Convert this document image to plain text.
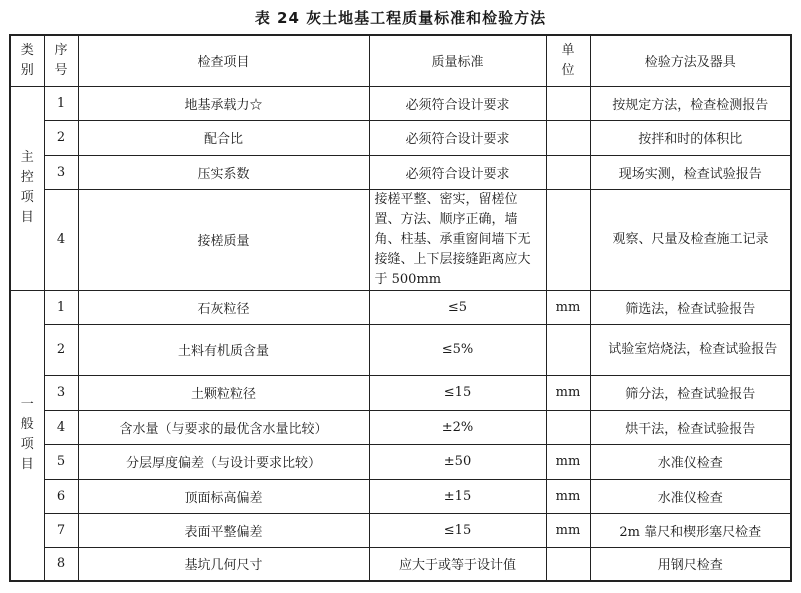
表 24 灰土地基工程质量标准和检验方法
类别	序号	检查项目	质量标准	单位	检验方法及器具
主控项目	1	地基承载力☆	必须符合设计要求		按规定方法，检查检测报告
	2	配合比	必须符合设计要求		按拌和时的体积比
	3	压实系数	必须符合设计要求		现场实测，检查试验报告
	4	接槎质量	接槎平整、密实，留槎位置、方法、顺序正确，墙角、柱基、承重窗间墙下无接缝、上下层接缝距离应大于 500mm		观察、尺量及检查施工记录

一般项目	1	石灰粒径	≤5	mm	筛选法，检查试验报告
	2	土料有机质含量	≤5%		试验室焙烧法，检查试验报告
	3	土颗粒粒径	≤15	mm	筛分法，检查试验报告
	4	含水量（与要求的最优含水量比较）	±2%		烘干法，检查试验报告
	5	分层厚度偏差（与设计要求比较）	±50	mm	水准仪检查
	6	顶面标高偏差	±15	mm	水准仪检查
	7	表面平整偏差	≤15	mm	2m 靠尺和楔形塞尺检查
	8	基坑几何尺寸	应大于或等于设计值		用钢尺检查
